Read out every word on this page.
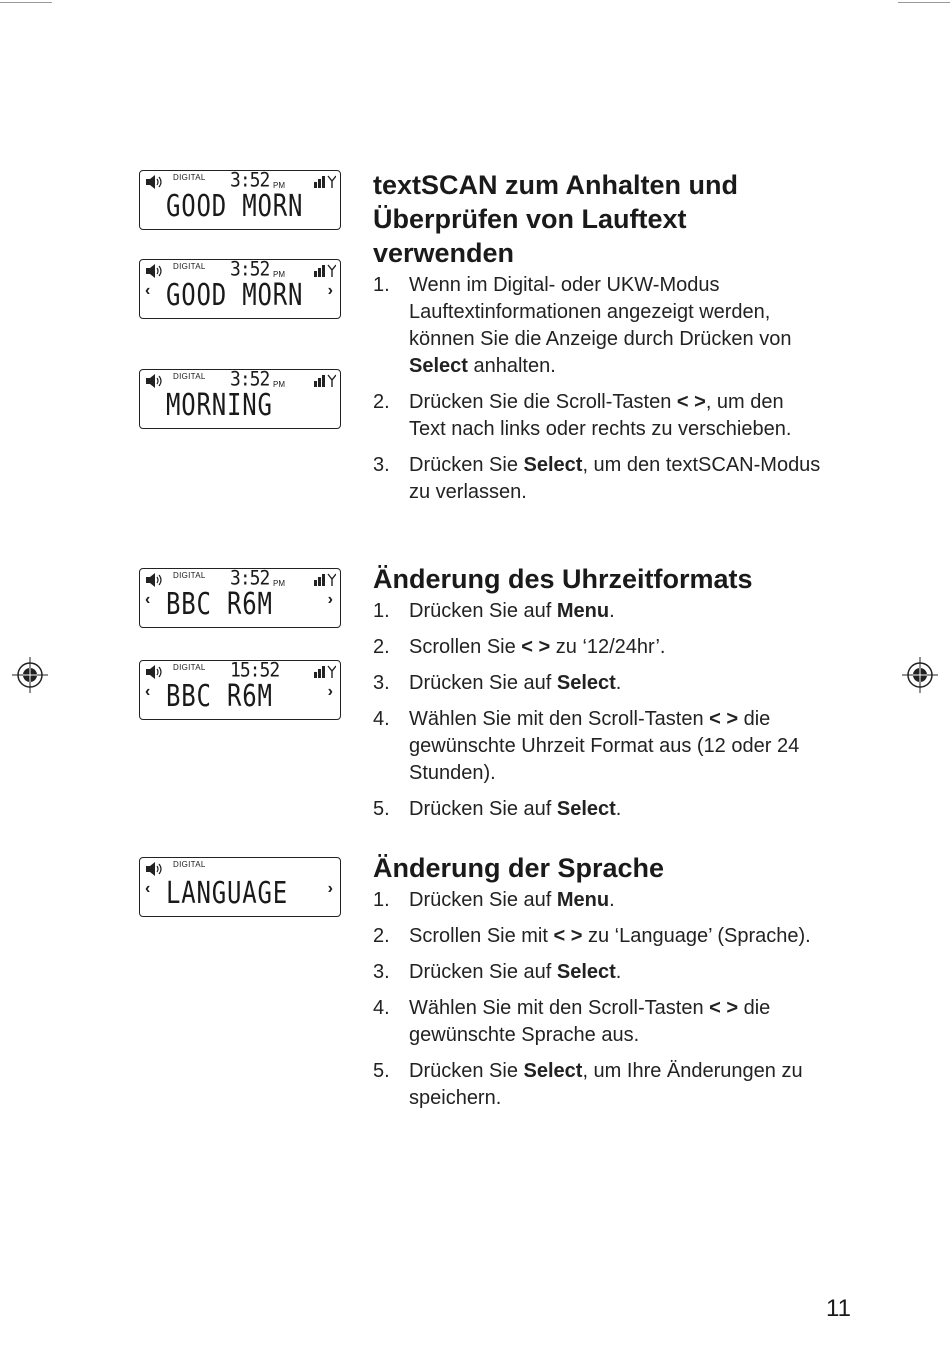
DIGITAL 3:52 PM
GOOD MORN
DIGITAL 3:52 PM
‹	›
GOOD MORN
DIGITAL 3:52 PM
MORNING
DIGITAL 3:52 PM
‹	›
BBC R6M
DIGITAL 15:52
‹	›
BBC R6M
DIGITAL
‹	›
LANGUAGE
textSCAN zum Anhalten und Überprüfen von Lauftext verwenden
1. Wenn im Digital- oder UKW-Modus Lauftextinformationen angezeigt werden, können Sie die Anzeige durch Drücken von Select anhalten.
2. Drücken Sie die Scroll-Tasten < >, um den Text nach links oder rechts zu verschieben.
3. Drücken Sie Select, um den textSCAN-Modus zu verlassen.
Änderung des Uhrzeitformats
1. Drücken Sie auf Menu.
2. Scrollen Sie < > zu ‘12/24hr’.
3. Drücken Sie auf Select.
4. Wählen Sie mit den Scroll-Tasten < > die gewünschte Uhrzeit Format aus (12 oder 24 Stunden).
5. Drücken Sie auf Select.
Änderung der Sprache
1. Drücken Sie auf Menu.
2. Scrollen Sie mit < > zu ‘Language’ (Sprache).
3. Drücken Sie auf Select.
4. Wählen Sie mit den Scroll-Tasten < > die gewünschte Sprache aus.
5. Drücken Sie Select, um Ihre Änderungen zu speichern.
11
